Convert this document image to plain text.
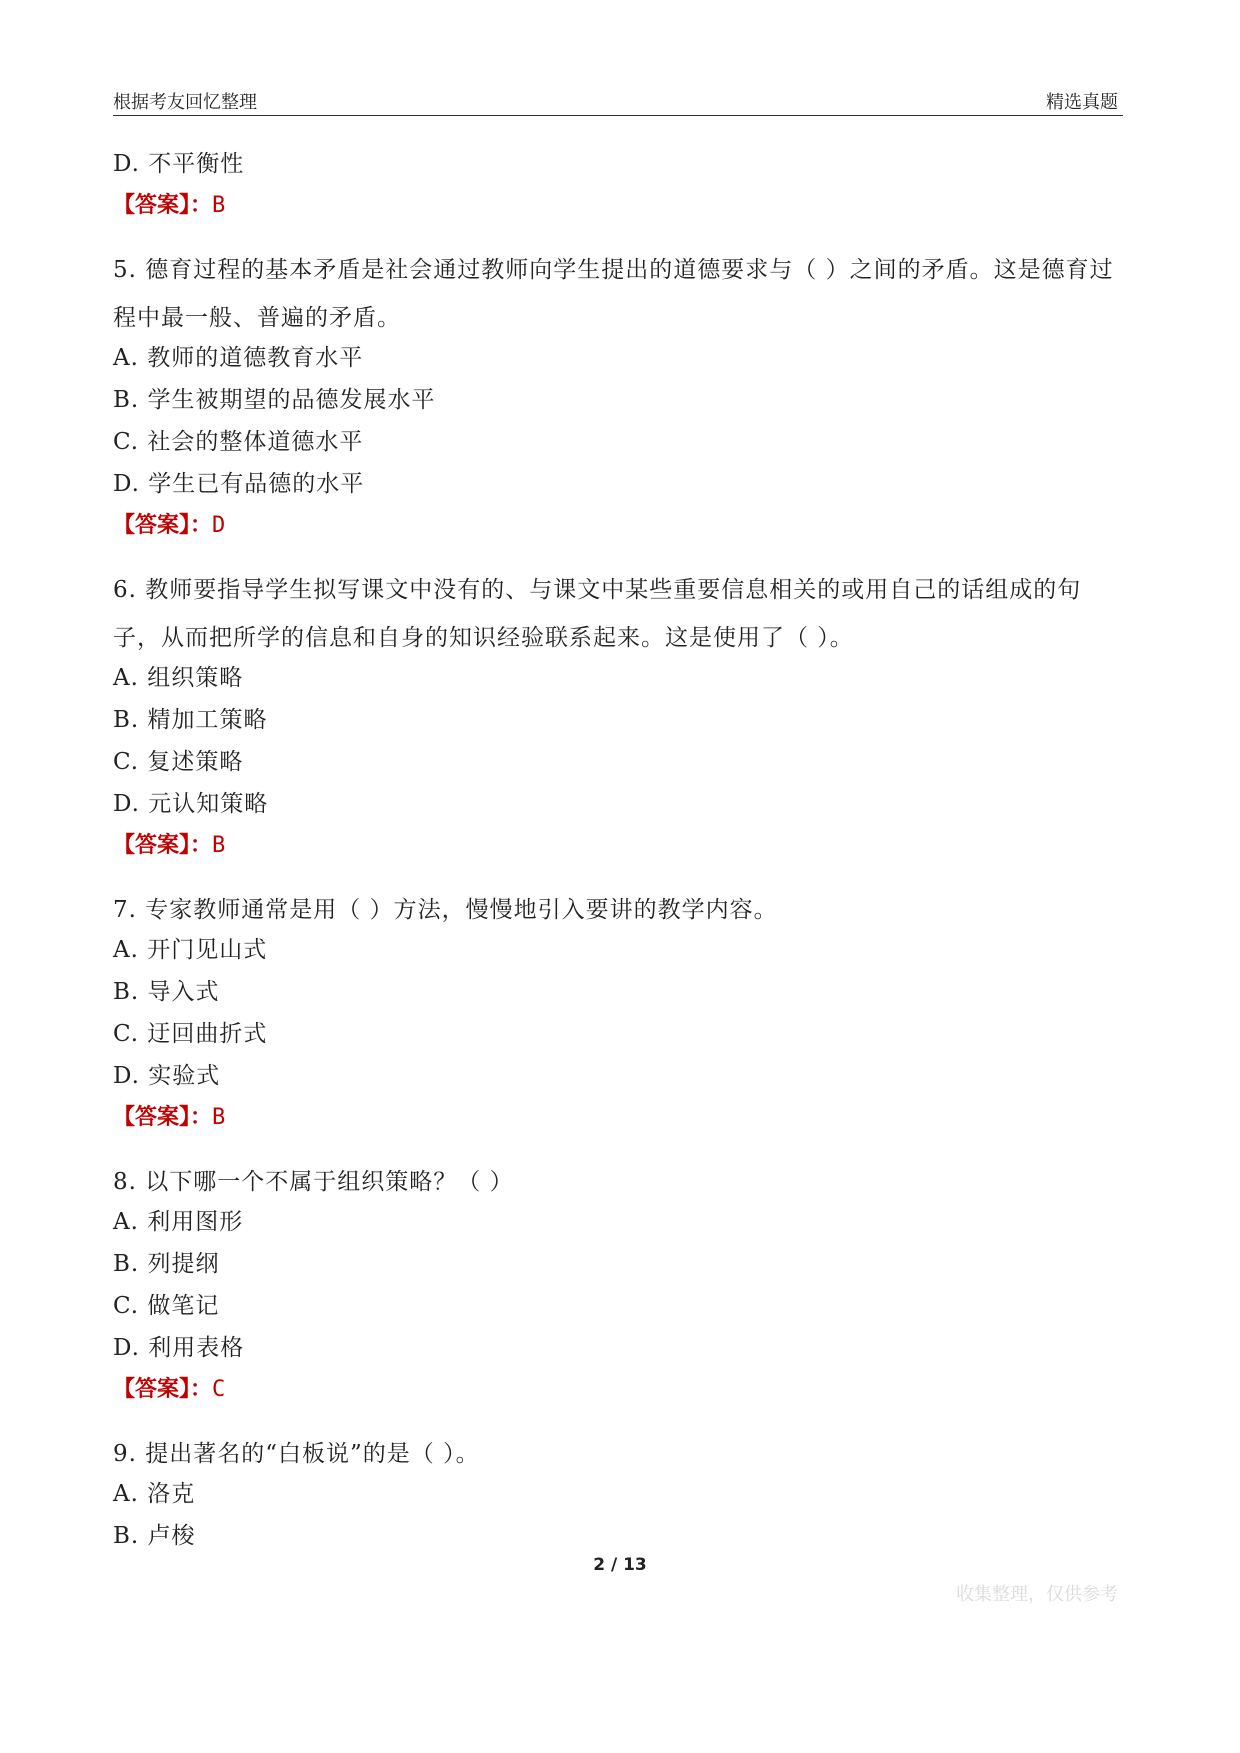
根据考友回忆整理	精选真题
D. 不平衡性
【答案】：B
5. 德育过程的基本矛盾是社会通过教师向学生提出的道德要求与（ ）之间的矛盾。这是德育过程中最一般、普遍的矛盾。
A. 教师的道德教育水平
B. 学生被期望的品德发展水平
C. 社会的整体道德水平
D. 学生已有品德的水平
【答案】：D
6. 教师要指导学生拟写课文中没有的、与课文中某些重要信息相关的或用自己的话组成的句子，从而把所学的信息和自身的知识经验联系起来。这是使用了（ ）。
A. 组织策略
B. 精加工策略
C. 复述策略
D. 元认知策略
【答案】：B
7. 专家教师通常是用（ ）方法，慢慢地引入要讲的教学内容。
A. 开门见山式
B. 导入式
C. 迂回曲折式
D. 实验式
【答案】：B
8. 以下哪一个不属于组织策略？（ ）
A. 利用图形
B. 列提纲
C. 做笔记
D. 利用表格
【答案】：C
9. 提出著名的“白板说”的是（ ）。
A. 洛克
B. 卢梭
2 / 13
收集整理，仅供参考
